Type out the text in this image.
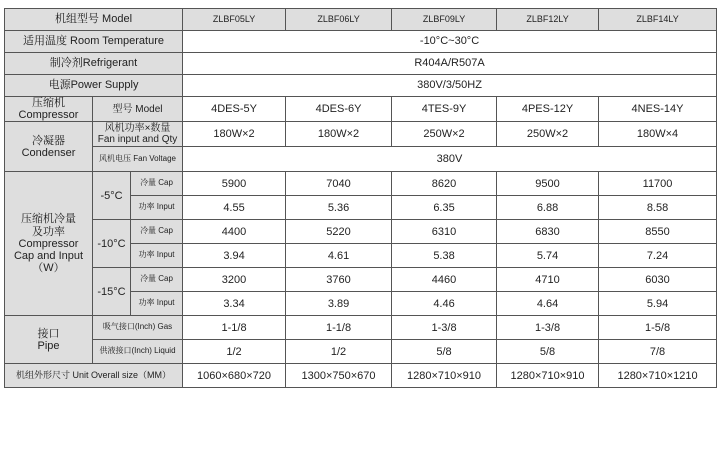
机组型号 Model			ZLBF05LY	ZLBF06LY	ZLBF09LY	ZLBF12LY	ZLBF14LY
适用温度 Room Temperature			-10°C~30°C				
制冷剂Refrigerant			R404A/R507A				
电源Power Supply			380V/3/50HZ				

压缩机
Compressor	型号 Model		4DES-5Y	4DES-6Y	4TES-9Y	4PES-12Y	4NES-14Y

冷凝器
Condenser	风机功率×数量
Fan input and Qty		180W×2	180W×2	250W×2	250W×2	180W×4
	风机电压 Fan Voltage		380V				

压缩机冷量
及功率
Compressor
Cap and Input
（W）	-5°C	冷量 Cap	5900	7040	8620	9500	11700
		功率 Input	4.55	5.36	6.35	6.88	8.58
	-10°C	冷量 Cap	4400	5220	6310	6830	8550
		功率 Input	3.94	4.61	5.38	5.74	7.24
	-15°C	冷量 Cap	3200	3760	4460	4710	6030
		功率 Input	3.34	3.89	4.46	4.64	5.94

接口
Pipe	吸气接口(Inch) Gas		1-1/8	1-1/8	1-3/8	1-3/8	1-5/8
	供液接口(Inch) Liquid		1/2	1/2	5/8	5/8	7/8
机组外形尺寸 Unit Overall size（MM）			1060×680×720	1300×750×670	1280×710×910	1280×710×910	1280×710×1210
